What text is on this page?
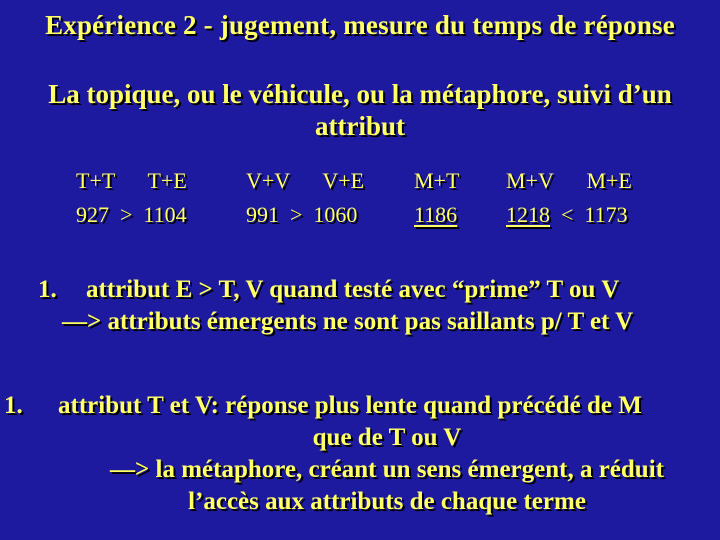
Expérience 2 - jugement, mesure du temps de réponse
La topique, ou le véhicule, ou la métaphore, suivi d’un attribut
T+T      T+E
927  >  1104
V+V      V+E
991  >  1060
M+T
1186
M+V      M+E
1218 <  1173
1.	attribut E > T, V quand testé avec “prime” T ou V
—> attributs émergents ne sont pas saillants p/ T et V
1.	attribut T et V: réponse plus lente quand précédé de M
que de T ou V
—> la métaphore, créant un sens émergent, a réduit
l’accès aux attributs de chaque terme
